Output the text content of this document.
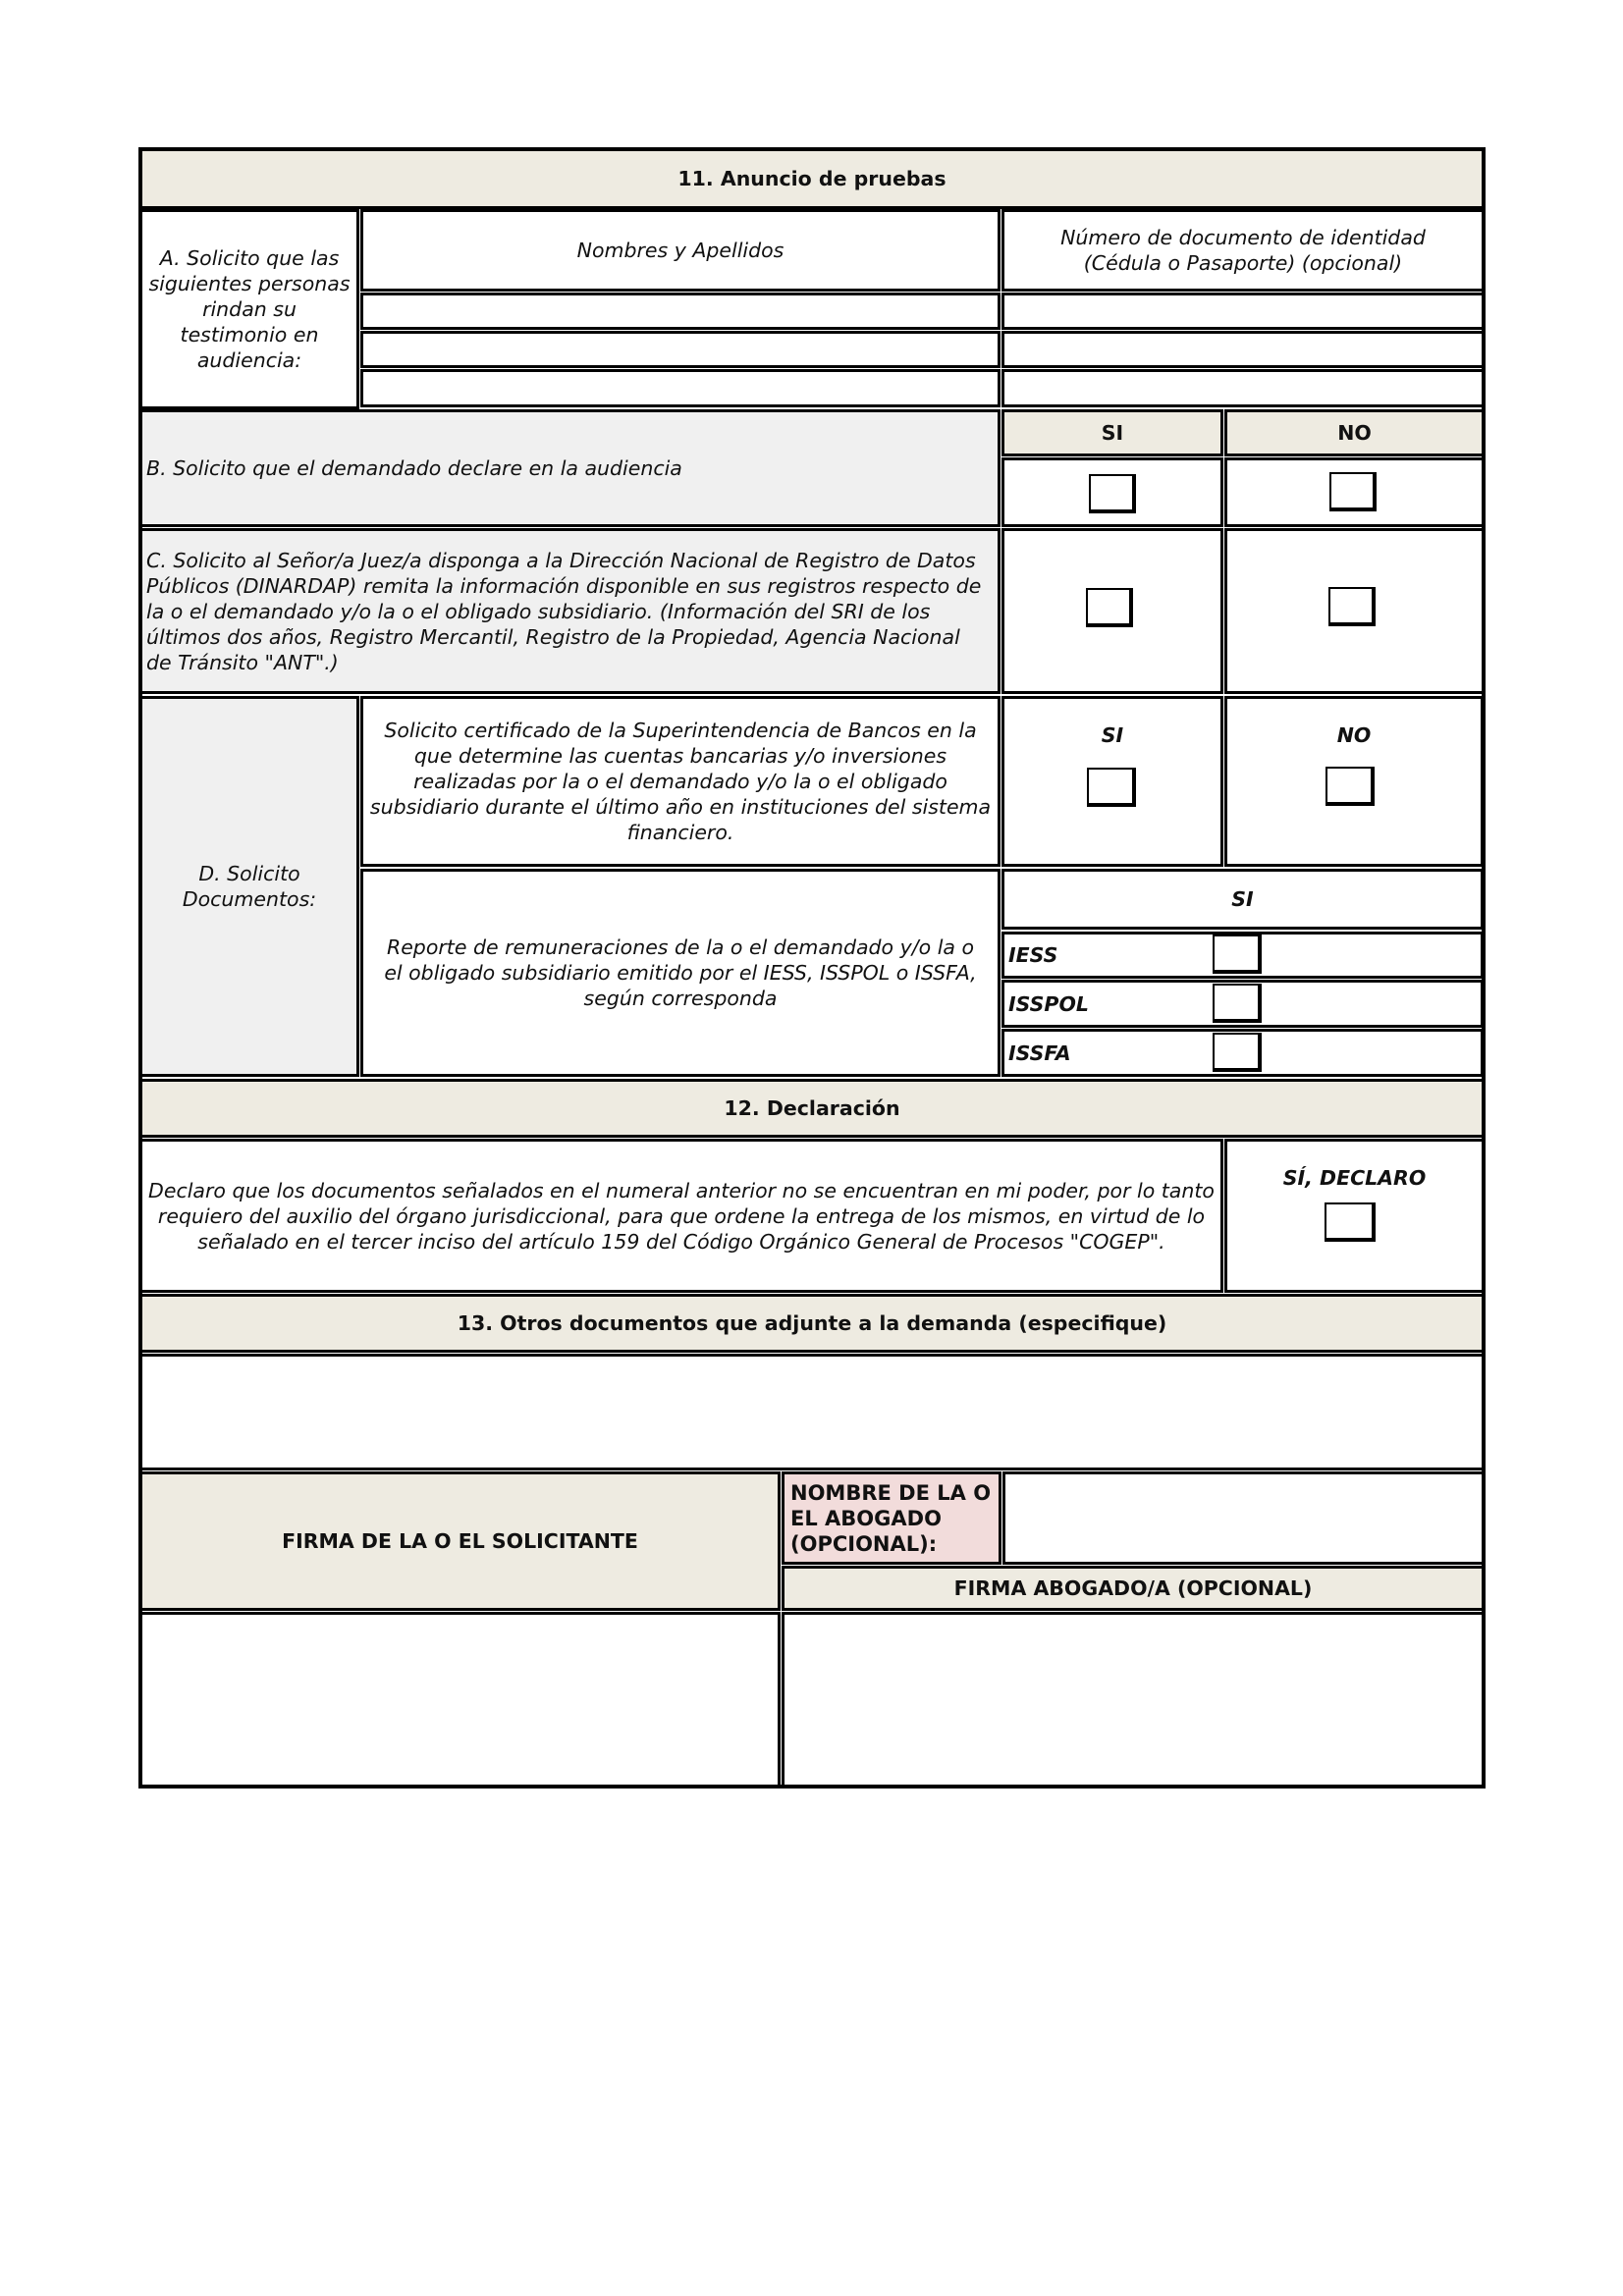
11. Anuncio de pruebas
A. Solicito que las siguientes personas rindan su testimonio en audiencia:
Nombres y Apellidos
Número de documento de identidad (Cédula o Pasaporte) (opcional)
B. Solicito que el demandado declare en la audiencia
SI	NO
C. Solicito al Señor/a Juez/a disponga a la Dirección Nacional de Registro de Datos Públicos (DINARDAP) remita la información disponible en sus registros respecto de la o el demandado y/o la o el obligado subsidiario. (Información del SRI de los últimos dos años, Registro Mercantil, Registro de la Propiedad, Agencia Nacional de Tránsito "ANT".)
D. Solicito Documentos:
Solicito certificado de la Superintendencia de Bancos en la que determine las cuentas bancarias y/o inversiones realizadas por la o el demandado y/o la o el obligado subsidiario durante el último año en instituciones del sistema financiero.
SI	NO
Reporte de remuneraciones de la o el demandado y/o la o el obligado subsidiario emitido por el IESS, ISSPOL o ISSFA, según corresponda
SI
IESS
ISSPOL
ISSFA
12. Declaración
Declaro que los documentos señalados en el numeral anterior no se encuentran en mi poder, por lo tanto requiero del auxilio del órgano jurisdiccional, para que ordene la entrega de los mismos, en virtud de lo señalado en el tercer inciso del artículo 159 del Código Orgánico General de Procesos "COGEP".
SÍ, DECLARO
13. Otros documentos que adjunte a la demanda (especifique)
FIRMA DE LA O EL SOLICITANTE
NOMBRE DE LA O EL ABOGADO (OPCIONAL):
FIRMA ABOGADO/A (OPCIONAL)
